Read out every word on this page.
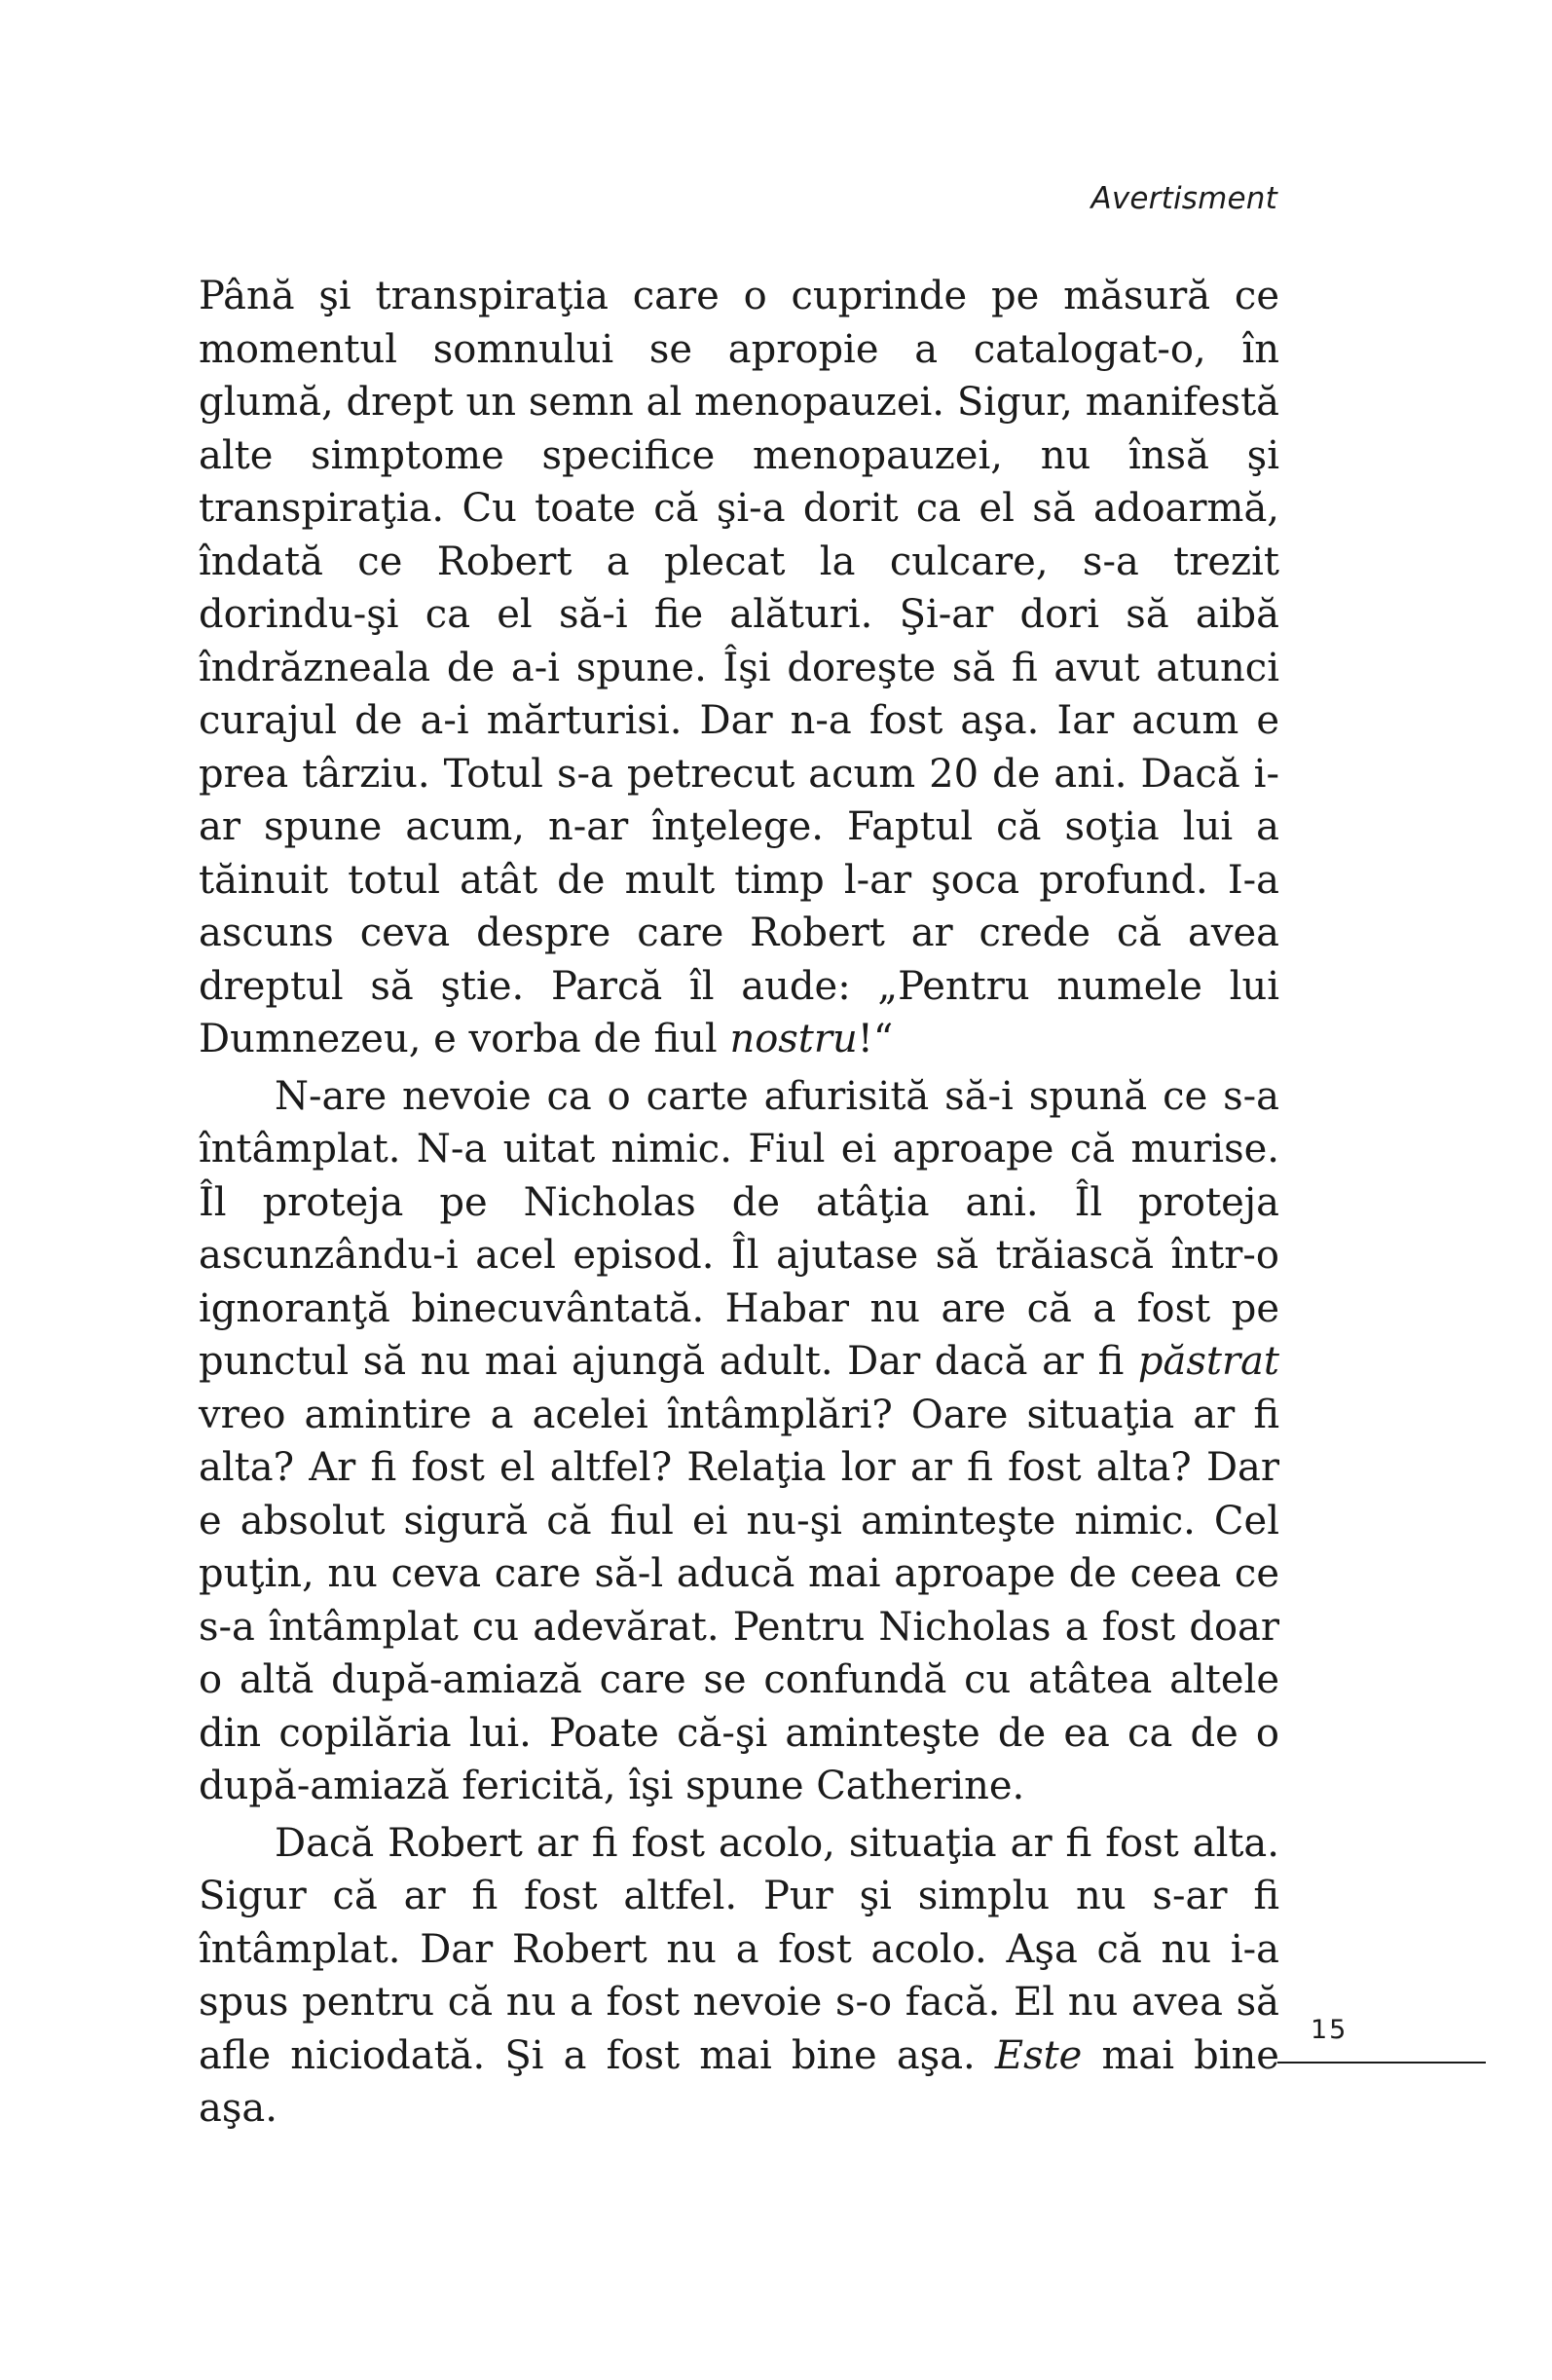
Avertisment

Până şi transpiraţia care o cuprinde pe măsură ce momentul somnului se apropie a catalogat-o, în glumă, drept un semn al menopauzei. Sigur, manifestă alte simptome specifice menopauzei, nu însă şi transpiraţia. Cu toate că şi-a dorit ca el să adoarmă, îndată ce Robert a plecat la culcare, s-a trezit dorindu-şi ca el să-i fie alături. Şi-ar dori să aibă îndrăzneala de a-i spune. Îşi doreşte să fi avut atunci curajul de a-i mărturisi. Dar n-a fost aşa. Iar acum e prea târziu. Totul s-a petrecut acum 20 de ani. Dacă i-ar spune acum, n-ar înţelege. Faptul că soţia lui a tăinuit totul atât de mult timp l-ar şoca profund. I-a ascuns ceva despre care Robert ar crede că avea dreptul să ştie. Parcă îl aude: „Pentru numele lui Dumnezeu, e vorba de fiul nostru!“

N-are nevoie ca o carte afurisită să-i spună ce s-a întâmplat. N-a uitat nimic. Fiul ei aproape că murise. Îl proteja pe Nicholas de atâţia ani. Îl proteja ascunzându-i acel episod. Îl ajutase să trăiască într-o ignoranţă binecuvântată. Habar nu are că a fost pe punctul să nu mai ajungă adult. Dar dacă ar fi păstrat vreo amintire a acelei întâmplări? Oare situaţia ar fi alta? Ar fi fost el altfel? Relaţia lor ar fi fost alta? Dar e absolut sigură că fiul ei nu-şi aminteşte nimic. Cel puţin, nu ceva care să-l aducă mai aproape de ceea ce s-a întâmplat cu adevărat. Pentru Nicholas a fost doar o altă după-amiază care se confundă cu atâtea altele din copilăria lui. Poate că-şi aminteşte de ea ca de o după-amiază fericită, îşi spune Catherine.

Dacă Robert ar fi fost acolo, situaţia ar fi fost alta. Sigur că ar fi fost altfel. Pur şi simplu nu s-ar fi întâmplat. Dar Robert nu a fost acolo. Aşa că nu i-a spus pentru că nu a fost nevoie s-o facă. El nu avea să afle niciodată. Şi a fost mai bine aşa. Este mai bine aşa.

15
